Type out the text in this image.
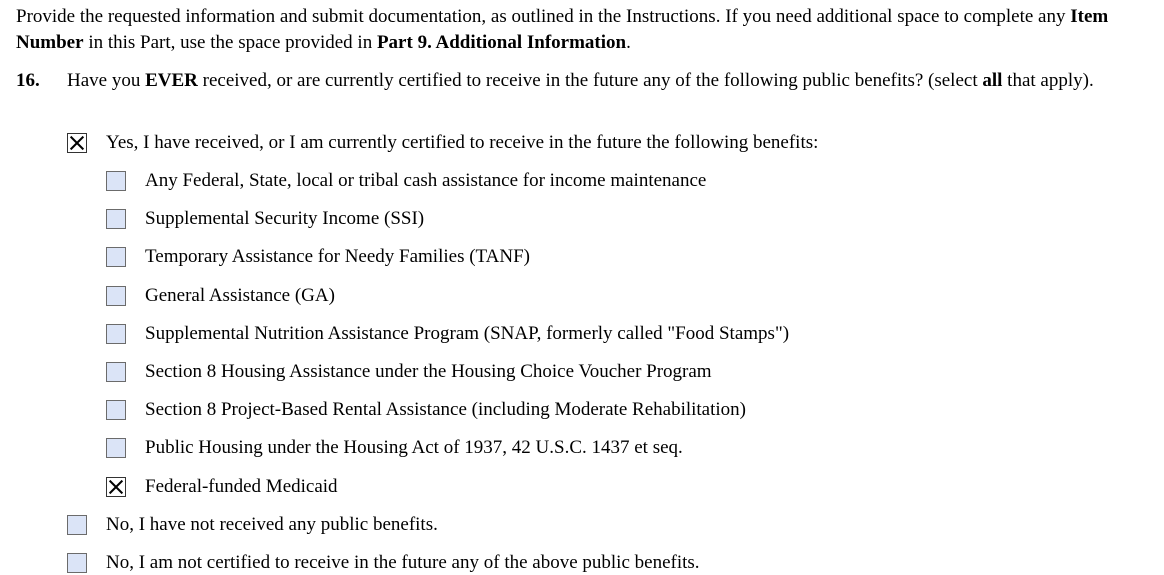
Provide the requested information and submit documentation, as outlined in the Instructions. If you need additional space to complete any Item Number in this Part, use the space provided in Part 9. Additional Information.
16. Have you EVER received, or are currently certified to receive in the future any of the following public benefits? (select all that apply).
Yes, I have received, or I am currently certified to receive in the future the following benefits:
Any Federal, State, local or tribal cash assistance for income maintenance
Supplemental Security Income (SSI)
Temporary Assistance for Needy Families (TANF)
General Assistance (GA)
Supplemental Nutrition Assistance Program (SNAP, formerly called "Food Stamps")
Section 8 Housing Assistance under the Housing Choice Voucher Program
Section 8 Project-Based Rental Assistance (including Moderate Rehabilitation)
Public Housing under the Housing Act of 1937, 42 U.S.C. 1437 et seq.
Federal-funded Medicaid
No, I have not received any public benefits.
No, I am not certified to receive in the future any of the above public benefits.
